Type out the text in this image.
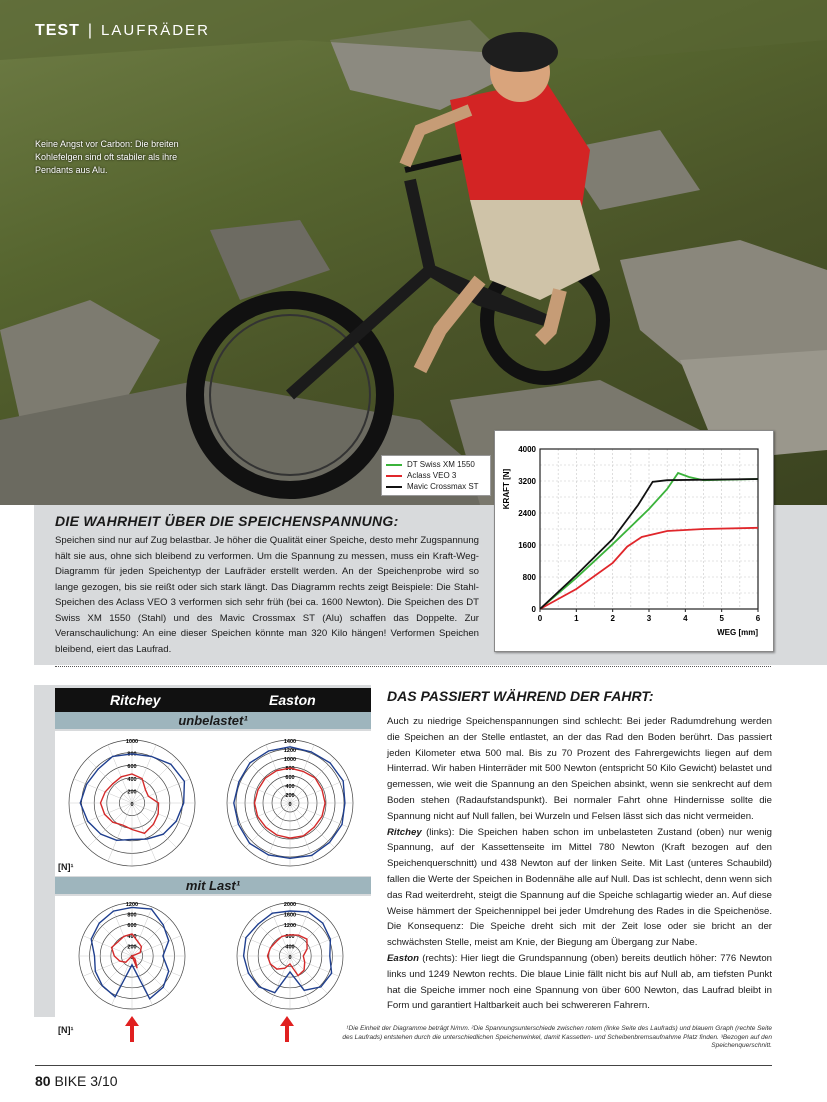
TEST | LAUFRÄDER
Keine Angst vor Carbon: Die breiten Kohlefelgen sind oft stabiler als ihre Pendants aus Alu.
DIE WAHRHEIT ÜBER DIE SPEICHENSPANNUNG:
Speichen sind nur auf Zug belastbar. Je höher die Qualität einer Speiche, desto mehr Zugspannung hält sie aus, ohne sich bleibend zu verformen. Um die Spannung zu messen, muss ein Kraft-Weg-Diagramm für jeden Speichentyp der Laufräder erstellt werden. An der Speichenprobe wird so lange gezogen, bis sie reißt oder sich stark längt. Das Diagramm rechts zeigt Beispiele: Die Stahl-Speichen des Aclass VEO 3 verformen sich sehr früh (bei ca. 1600 Newton). Die Speichen des DT Swiss XM 1550 (Stahl) und des Mavic Crossmax ST (Alu) schaffen das Doppelte. Zur Veranschaulichung: An eine dieser Speichen könnte man 320 Kilo hängen! Verformen Speichen bleibend, eiert das Laufrad.
0	1	2	3	4	5	6
0
800
1600
2400
3200
4000
KRAFT [N]
WEG [mm]
DT Swiss XM 1550
Aclass VEO 3
Mavic Crossmax ST
Ritchey	Easton
unbelastet¹
1000
800
600
400
200
0
1400
1200
1000
800
600
400
200
0
[N]¹
mit Last¹
1200
800
600
400
200
0
2000
1600
1200
800
400
0
[N]¹
DAS PASSIERT WÄHREND DER FAHRT:

Auch zu niedrige Speichenspannungen sind schlecht: Bei jeder Radumdrehung werden die Speichen an der Stelle entlastet, an der das Rad den Boden berührt. Das passiert jeden Kilometer etwa 500 mal. Bis zu 70 Prozent des Fahrergewichts liegen auf dem Hinterrad. Wir haben Hinterräder mit 500 Newton (entspricht 50 Kilo Gewicht) belastet und gemessen, wie weit die Spannung an den Speichen absinkt, wenn sie senkrecht auf dem Boden stehen (Radaufstandspunkt). Bei normaler Fahrt ohne Hindernisse sollte die Spannung nicht auf Null fallen, bei Wurzeln und Felsen lässt sich das nicht vermeiden.

Ritchey (links): Die Speichen haben schon im unbelasteten Zustand (oben) nur wenig Spannung, auf der Kassettenseite im Mittel 780 Newton (Kraft bezogen auf den Speichenquerschnitt) und 438 Newton auf der linken Seite. Mit Last (unteres Schaubild) fallen die Werte der Speichen in Bodennähe alle auf Null. Das ist schlecht, denn wenn sich das Rad weiterdreht, steigt die Spannung auf die Speiche schlagartig wieder an. Auf diese Weise hämmert der Speichennippel bei jeder Umdrehung des Rades in die Speichenöse. Die Konsequenz: Die Speiche dreht sich mit der Zeit lose oder sie bricht an der schwächsten Stelle, meist am Knie, der Biegung am Übergang zur Nabe.

Easton (rechts): Hier liegt die Grundspannung (oben) bereits deutlich höher: 776 Newton links und 1249 Newton rechts. Die blaue Linie fällt nicht bis auf Null ab, am tiefsten Punkt hat die Speiche immer noch eine Spannung von über 600 Newton, das Laufrad bleibt in Form und garantiert Haltbarkeit auch bei schwereren Fahrern.

¹Die Einheit der Diagramme beträgt N/mm. ²Die Spannungsunterschiede zwischen rotem (linke Seite des Laufrads) und blauem Graph (rechte Seite des Laufrads) entstehen durch die unterschiedlichen Speichenwinkel, damit Kassetten- und Scheibenbremsaufnahme Platz finden. ³Bezogen auf den Speichenquerschnitt.
80 BIKE 3/10
